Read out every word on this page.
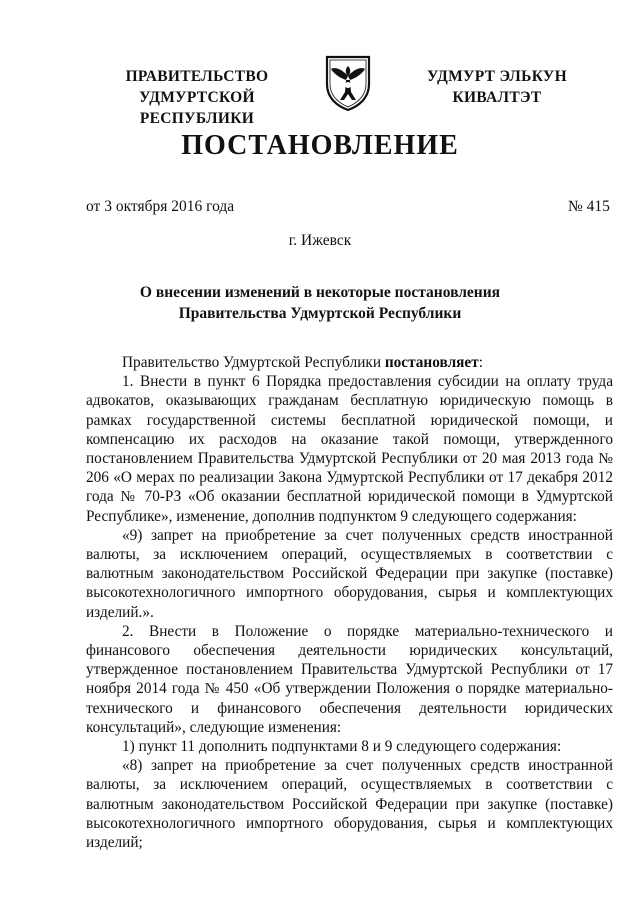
ПРАВИТЕЛЬСТВО
УДМУРТСКОЙ РЕСПУБЛИКИ
УДМУРТ ЭЛЬКУН
КИВАЛТЭТ
ПОСТАНОВЛЕНИЕ
от 3 октября 2016 года	№ 415
г. Ижевск
О внесении изменений в некоторые постановления
Правительства Удмуртской Республики

Правительство Удмуртской Республики постановляет:

1. Внести в пункт 6 Порядка предоставления субсидии на оплату труда адвокатов, оказывающих гражданам бесплатную юридическую помощь в рамках государственной системы бесплатной юридической помощи, и компенсацию их расходов на оказание такой помощи, утвержденного постановлением Правительства Удмуртской Республики от 20 мая 2013 года № 206 «О мерах по реализации Закона Удмуртской Республики от 17 декабря 2012 года № 70-РЗ «Об оказании бесплатной юридической помощи в Удмуртской Республике», изменение, дополнив подпунктом 9 следующего содержания:

«9) запрет на приобретение за счет полученных средств иностранной валюты, за исключением операций, осуществляемых в соответствии с валютным законодательством Российской Федерации при закупке (поставке) высокотехнологичного импортного оборудования, сырья и комплектующих изделий.».

2. Внести в Положение о порядке материально-технического и финансового обеспечения деятельности юридических консультаций, утвержденное постановлением Правительства Удмуртской Республики от 17 ноября 2014 года № 450 «Об утверждении Положения о порядке материально-технического и финансового обеспечения деятельности юридических консультаций», следующие изменения:

1) пункт 11 дополнить подпунктами 8 и 9 следующего содержания:

«8) запрет на приобретение за счет полученных средств иностранной валюты, за исключением операций, осуществляемых в соответствии с валютным законодательством Российской Федерации при закупке (поставке) высокотехнологичного импортного оборудования, сырья и комплектующих изделий;
